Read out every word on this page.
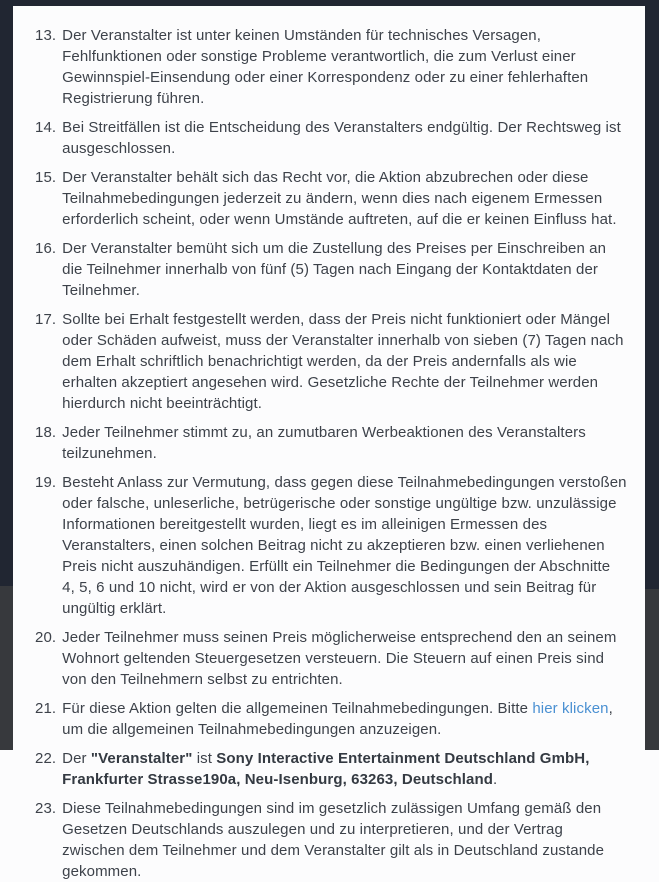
13. Der Veranstalter ist unter keinen Umständen für technisches Versagen, Fehlfunktionen oder sonstige Probleme verantwortlich, die zum Verlust einer Gewinnspiel-Einsendung oder einer Korrespondenz oder zu einer fehlerhaften Registrierung führen.
14. Bei Streitfällen ist die Entscheidung des Veranstalters endgültig. Der Rechtsweg ist ausgeschlossen.
15. Der Veranstalter behält sich das Recht vor, die Aktion abzubrechen oder diese Teilnahmebedingungen jederzeit zu ändern, wenn dies nach eigenem Ermessen erforderlich scheint, oder wenn Umstände auftreten, auf die er keinen Einfluss hat.
16. Der Veranstalter bemüht sich um die Zustellung des Preises per Einschreiben an die Teilnehmer innerhalb von fünf (5) Tagen nach Eingang der Kontaktdaten der Teilnehmer.
17. Sollte bei Erhalt festgestellt werden, dass der Preis nicht funktioniert oder Mängel oder Schäden aufweist, muss der Veranstalter innerhalb von sieben (7) Tagen nach dem Erhalt schriftlich benachrichtigt werden, da der Preis andernfalls als wie erhalten akzeptiert angesehen wird. Gesetzliche Rechte der Teilnehmer werden hierdurch nicht beeinträchtigt.
18. Jeder Teilnehmer stimmt zu, an zumutbaren Werbeaktionen des Veranstalters teilzunehmen.
19. Besteht Anlass zur Vermutung, dass gegen diese Teilnahmebedingungen verstoßen oder falsche, unleserliche, betrügerische oder sonstige ungültige bzw. unzulässige Informationen bereitgestellt wurden, liegt es im alleinigen Ermessen des Veranstalters, einen solchen Beitrag nicht zu akzeptieren bzw. einen verliehenen Preis nicht auszuhändigen. Erfüllt ein Teilnehmer die Bedingungen der Abschnitte 4, 5, 6 und 10 nicht, wird er von der Aktion ausgeschlossen und sein Beitrag für ungültig erklärt.
20. Jeder Teilnehmer muss seinen Preis möglicherweise entsprechend den an seinem Wohnort geltenden Steuergesetzen versteuern. Die Steuern auf einen Preis sind von den Teilnehmern selbst zu entrichten.
21. Für diese Aktion gelten die allgemeinen Teilnahmebedingungen. Bitte hier klicken, um die allgemeinen Teilnahmebedingungen anzuzeigen.
22. Der "Veranstalter" ist Sony Interactive Entertainment Deutschland GmbH, Frankfurter Strasse190a, Neu-Isenburg, 63263, Deutschland.
23. Diese Teilnahmebedingungen sind im gesetzlich zulässigen Umfang gemäß den Gesetzen Deutschlands auszulegen und zu interpretieren, und der Vertrag zwischen dem Teilnehmer und dem Veranstalter gilt als in Deutschland zustande gekommen.
